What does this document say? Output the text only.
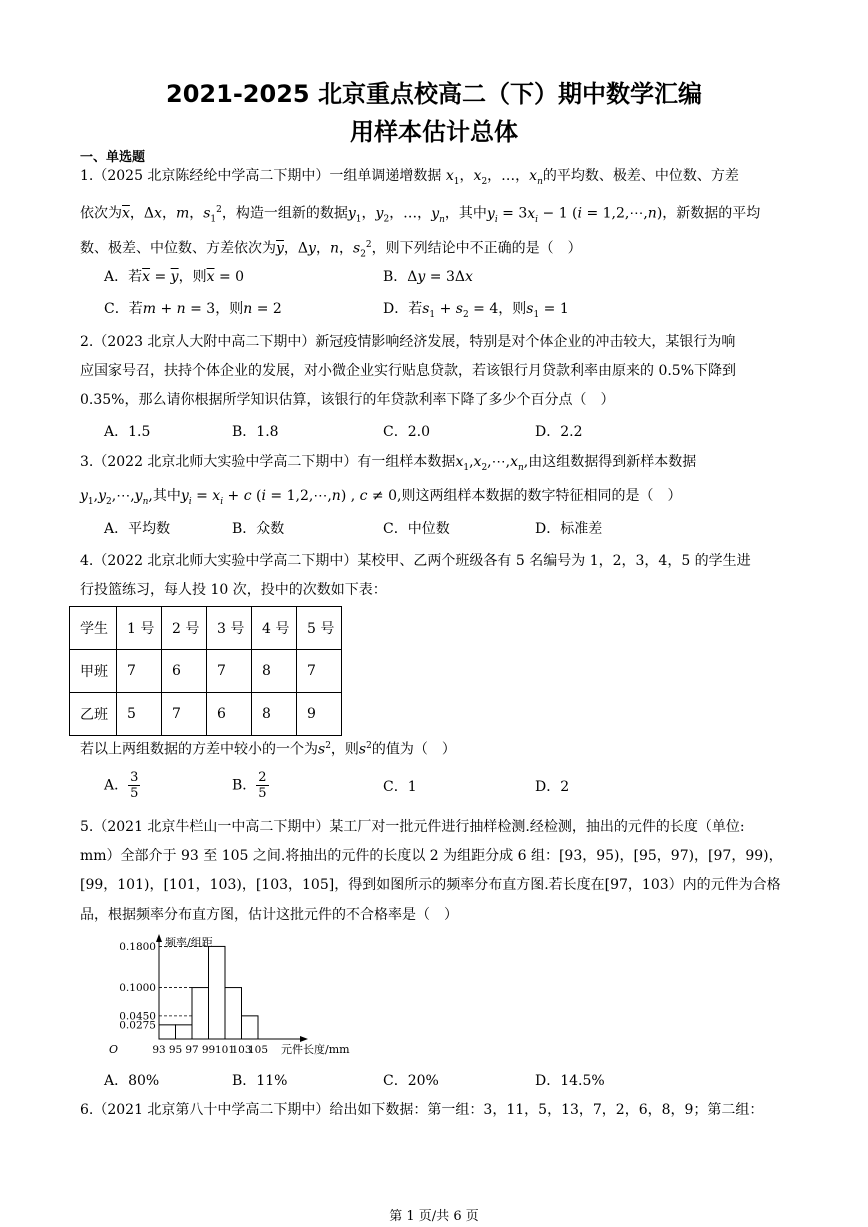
2021-2025 北京重点校高二（下）期中数学汇编
用样本估计总体
一、单选题
1.（2025 北京陈经纶中学高二下期中）一组单调递增数据 $x_1$，$x_2$，…，$x_n$的平均数、极差、中位数、方差
依次为$\overline{x}$，Δx，m，$s_1^2$，构造一组新的数据$y_1$，$y_2$，…，$y_n$，其中$y_i = 3x_i - 1$ (i = 1,2,⋯,n)，新数据的平均
数、极差、中位数、方差依次为$\overline{y}$，Δy，n，$s_2^2$，则下列结论中不正确的是（　）
A．若$\overline{x} = \overline{y}$，则$\overline{x} = 0$	B．Δy = 3Δx
C．若m + n = 3，则n = 2	D．若$s_1 + s_2 = 4$，则$s_1 = 1$
2.（2023 北京人大附中高二下期中）新冠疫情影响经济发展，特别是对个体企业的冲击较大，某银行为响
应国家号召，扶持个体企业的发展，对小微企业实行贴息贷款，若该银行月贷款利率由原来的 0.5%下降到
0.35%，那么请你根据所学知识估算，该银行的年贷款利率下降了多少个百分点（　）
A．1.5	B．1.8	C．2.0	D．2.2
3.（2022 北京北师大实验中学高二下期中）有一组样本数据$x_1,x_2,\cdots,x_n$,由这组数据得到新样本数据
$y_1,y_2,\cdots,y_n$,其中$y_i = x_i + c$ (i = 1,2,⋯,n) , c ≠ 0,则这两组样本数据的数字特征相同的是（　）
A．平均数	B．众数	C．中位数	D．标准差
4.（2022 北京北师大实验中学高二下期中）某校甲、乙两个班级各有 5 名编号为 1，2，3，4，5 的学生进
行投篮练习，每人投 10 次，投中的次数如下表：
学生	1 号	2 号	3 号	4 号	5 号
甲班	7	6	7	8	7
乙班	5	7	6	8	9
若以上两组数据的方差中较小的一个为$s^2$，则$s^2$的值为（　）
A． $\frac{3}{5}$	B． $\frac{2}{5}$	C．1	D．2
5.（2021 北京牛栏山一中高二下期中）某工厂对一批元件进行抽样检测.经检测，抽出的元件的长度（单位:
mm）全部介于 93 至 105 之间.将抽出的元件的长度以 2 为组距分成 6 组：[93，95)，[95，97)，[97，99)，
[99，101)，[101，103)，[103，105]，得到如图所示的频率分布直方图.若长度在[97，103）内的元件为合格
品，根据频率分布直方图，估计这批元件的不合格率是（　）
0.0275
0.0450
0.1000
0.1800 频率/组距
元件长度/mm
O	93 95 97 99 101
103
105
A．80%	B．11%	C．20%	D．14.5%
6.（2021 北京第八十中学高二下期中）给出如下数据：第一组：3，11，5，13，7，2，6，8，9；第二组：
第 1 页/共 6 页
